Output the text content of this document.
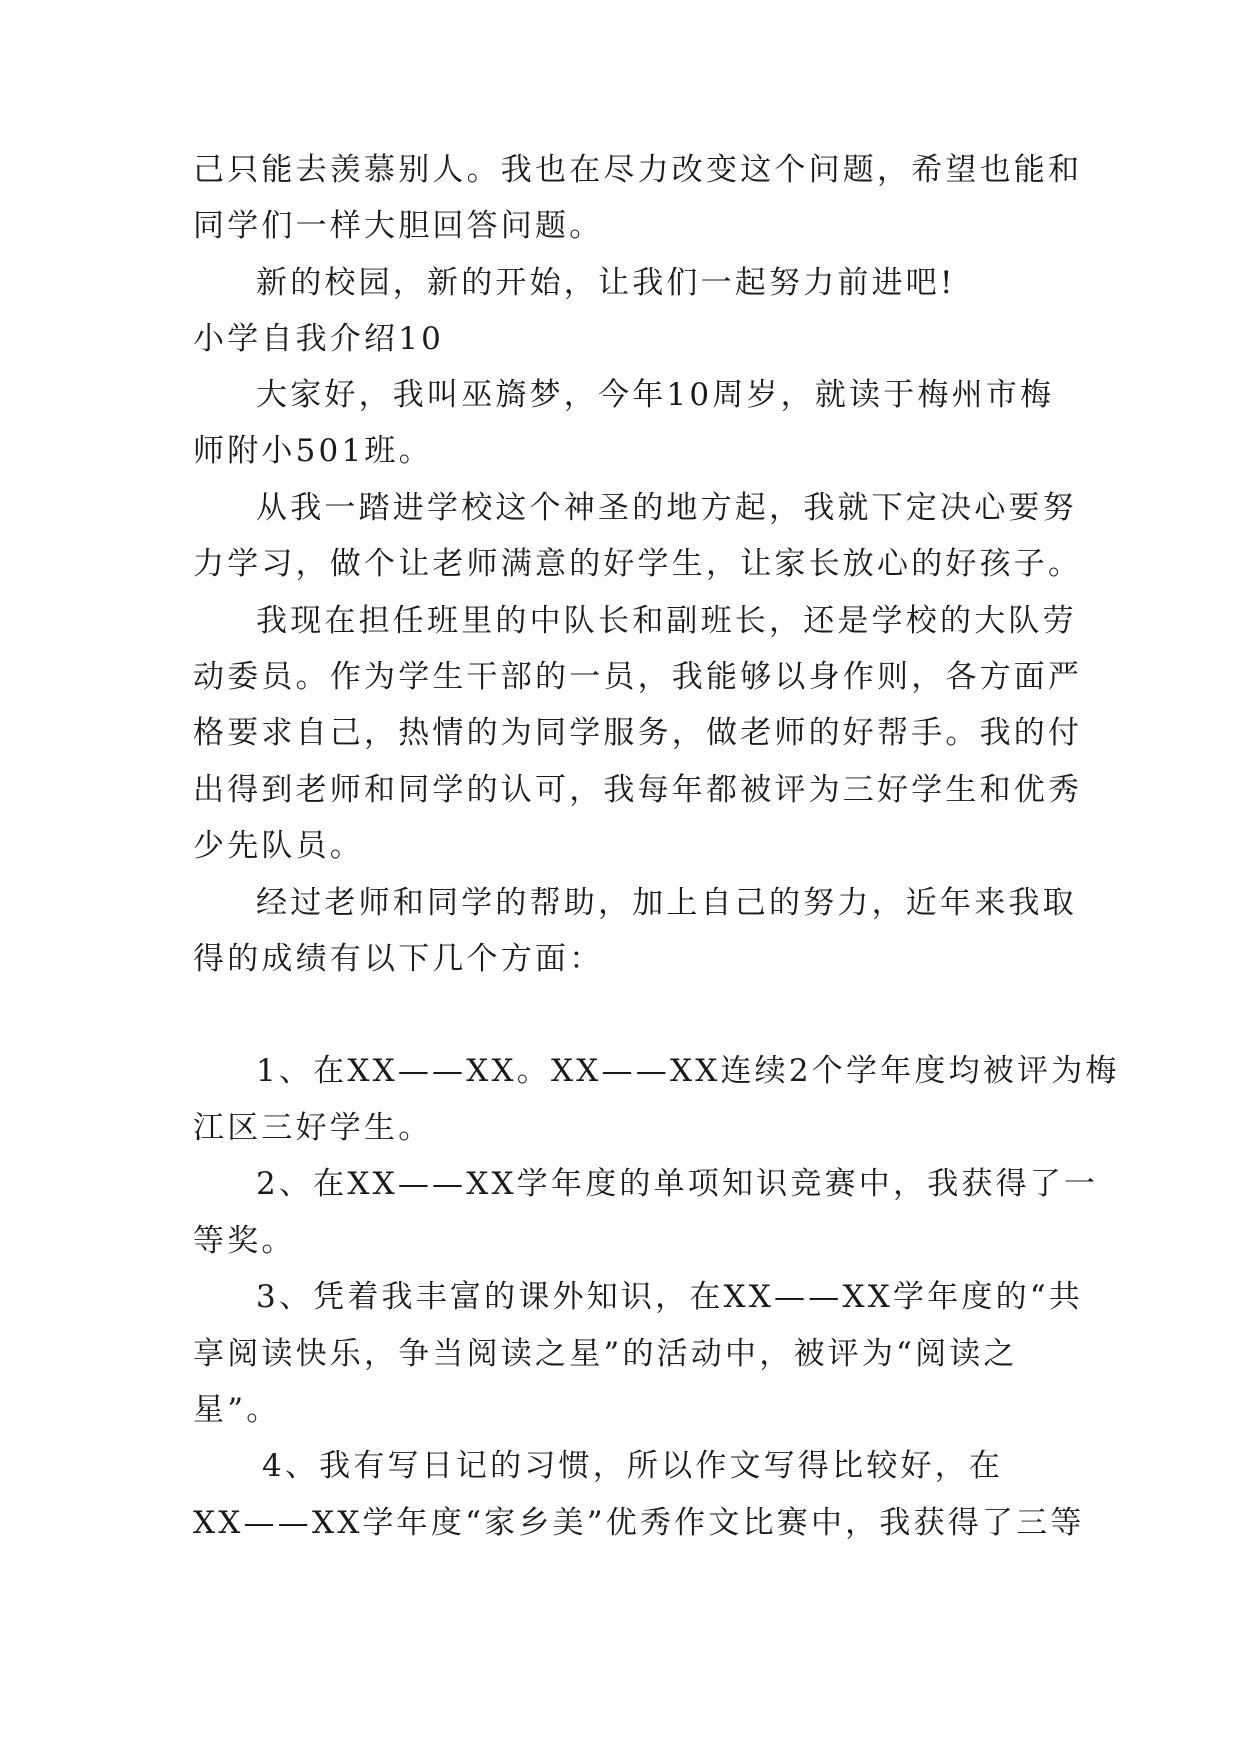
己只能去羡慕别人。我也在尽力改变这个问题，希望也能和
同学们一样大胆回答问题。
新的校园，新的开始，让我们一起努力前进吧!
小学自我介绍10
大家好，我叫巫旖梦，今年10周岁，就读于梅州市梅
师附小501班。
从我一踏进学校这个神圣的地方起，我就下定决心要努
力学习，做个让老师满意的好学生，让家长放心的好孩子。
我现在担任班里的中队长和副班长，还是学校的大队劳
动委员。作为学生干部的一员，我能够以身作则，各方面严
格要求自己，热情的为同学服务，做老师的好帮手。我的付
出得到老师和同学的认可，我每年都被评为三好学生和优秀
少先队员。
经过老师和同学的帮助，加上自己的努力，近年来我取
得的成绩有以下几个方面：
1、在XX——XX。XX——XX连续2个学年度均被评为梅
江区三好学生。
2、在XX——XX学年度的单项知识竞赛中，我获得了一
等奖。
3、凭着我丰富的课外知识，在XX——XX学年度的“共
享阅读快乐，争当阅读之星”的活动中，被评为“阅读之
星”。
4、我有写日记的习惯，所以作文写得比较好，在
XX——XX学年度“家乡美”优秀作文比赛中，我获得了三等
